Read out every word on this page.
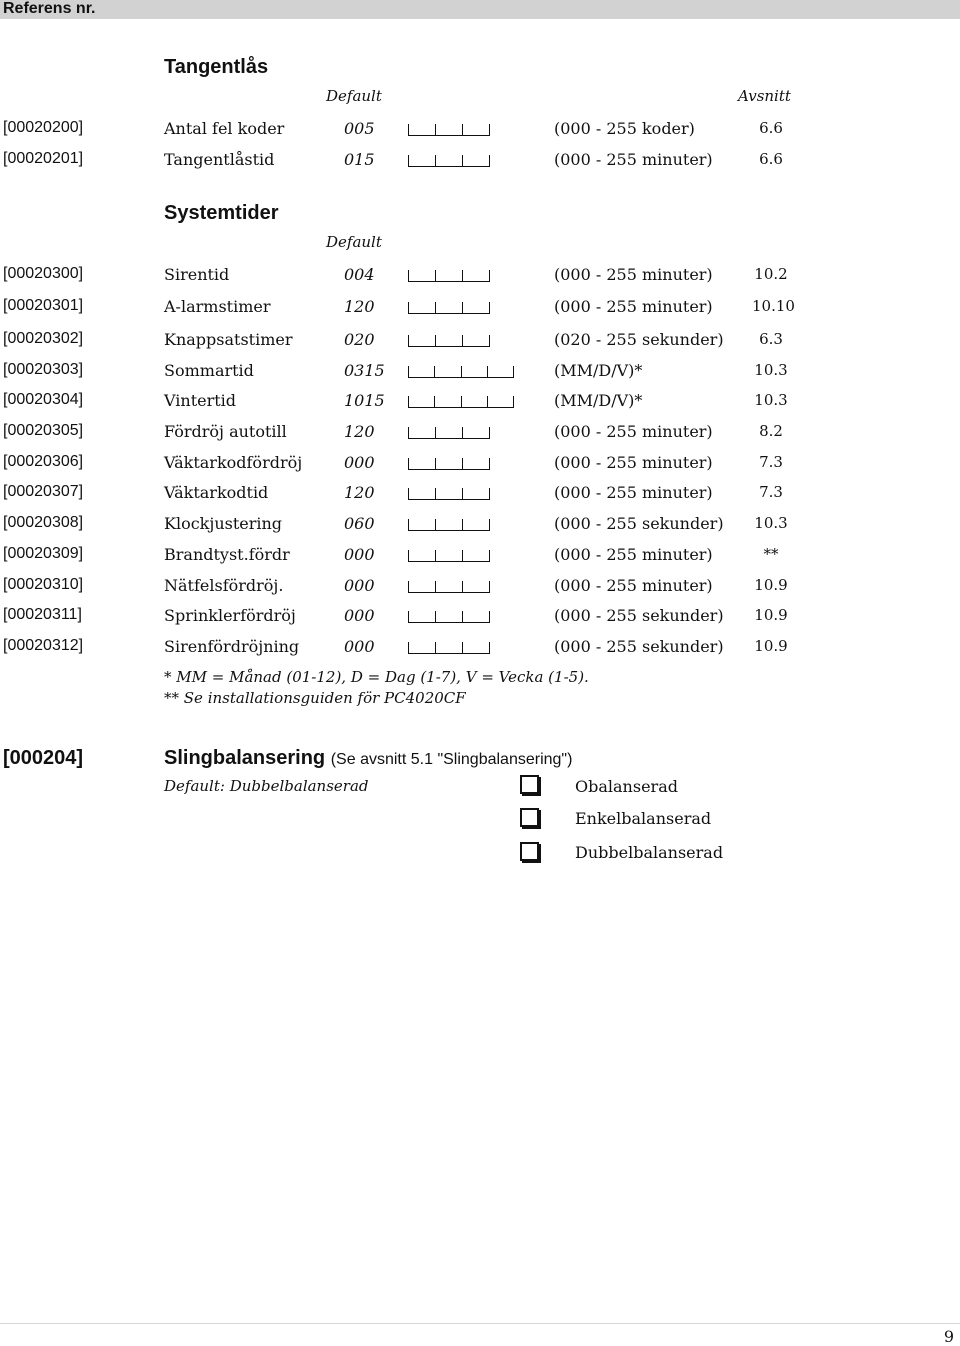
Referens nr.
Tangentlås
Default	Avsnitt
[00020200]	Antal fel koder	005	(000 - 255 koder)	6.6
[00020201]	Tangentlåstid	015	(000 - 255 minuter)	6.6
Systemtider
Default
[00020300]	Sirentid	004	(000 - 255 minuter)	10.2
[00020301]	A-larmstimer	120	(000 - 255 minuter)	10.10
[00020302]	Knappsatstimer	020	(020 - 255 sekunder)	6.3
[00020303]	Sommartid	0315	(MM/D/V)*	10.3
[00020304]	Vintertid	1015	(MM/D/V)*	10.3
[00020305]	Fördröj autotill	120	(000 - 255 minuter)	8.2
[00020306]	Väktarkodfördröj	000	(000 - 255 minuter)	7.3
[00020307]	Väktarkodtid	120	(000 - 255 minuter)	7.3
[00020308]	Klockjustering	060	(000 - 255 sekunder) 10.3
[00020309]	Brandtyst.fördr	000	(000 - 255 minuter)	**
[00020310]	Nätfelsfördröj.	000	(000 - 255 minuter)	10.9
[00020311]	Sprinklerfördröj	000	(000 - 255 sekunder) 10.9
[00020312]	Sirenfördröjning	000	(000 - 255 sekunder) 10.9
* MM = Månad (01-12), D = Dag (1-7), V = Vecka (1-5).
** Se installationsguiden för PC4020CF
[000204]	Slingbalansering (Se avsnitt 5.1 "Slingbalansering")
Default: Dubbelbalanserad	Obalanserad
Enkelbalanserad
Dubbelbalanserad
9
